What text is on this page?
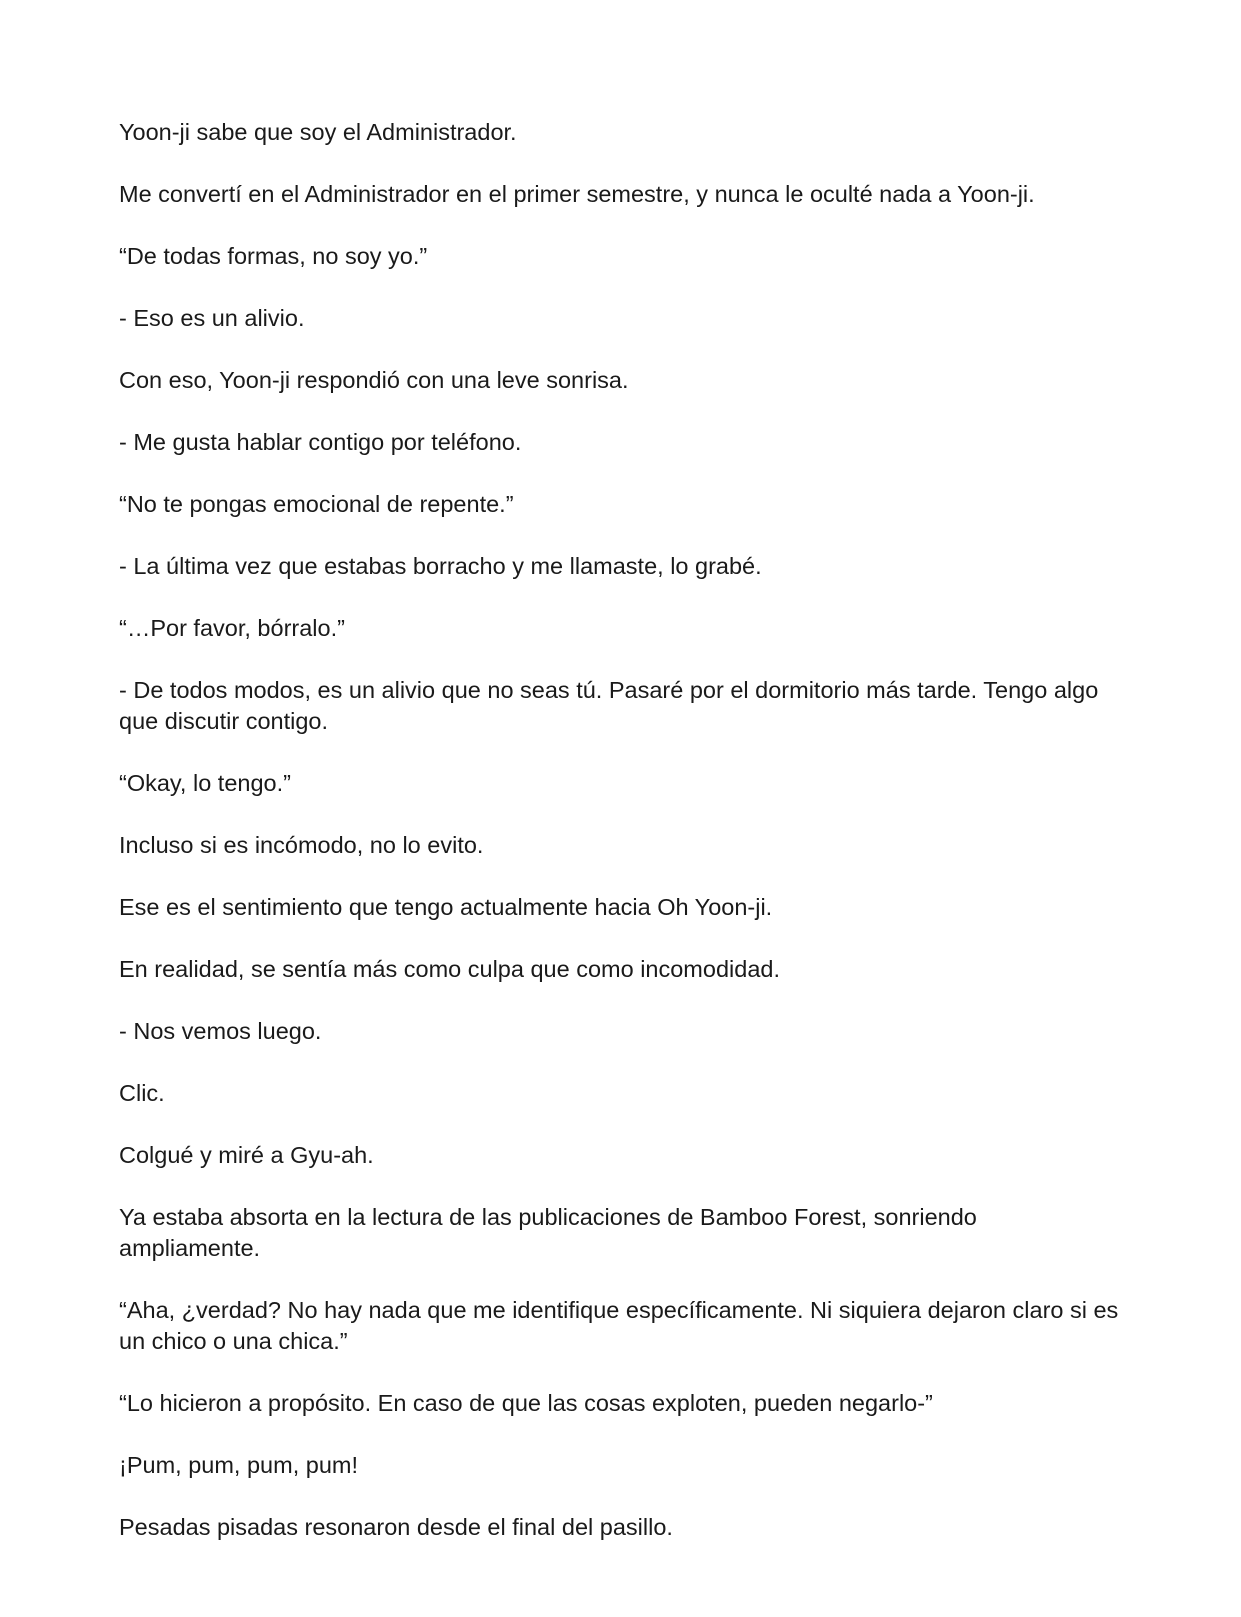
Yoon-ji sabe que soy el Administrador.

Me convertí en el Administrador en el primer semestre, y nunca le oculté nada a Yoon-ji.

“De todas formas, no soy yo.”

- Eso es un alivio.

Con eso, Yoon-ji respondió con una leve sonrisa.

- Me gusta hablar contigo por teléfono.

“No te pongas emocional de repente.”

- La última vez que estabas borracho y me llamaste, lo grabé.

“…Por favor, bórralo.”

- De todos modos, es un alivio que no seas tú. Pasaré por el dormitorio más tarde. Tengo algo que discutir contigo.

“Okay, lo tengo.”

Incluso si es incómodo, no lo evito.

Ese es el sentimiento que tengo actualmente hacia Oh Yoon-ji.

En realidad, se sentía más como culpa que como incomodidad.

- Nos vemos luego.

Clic.

Colgué y miré a Gyu-ah.

Ya estaba absorta en la lectura de las publicaciones de Bamboo Forest, sonriendo ampliamente.

“Aha, ¿verdad? No hay nada que me identifique específicamente. Ni siquiera dejaron claro si es un chico o una chica.”

“Lo hicieron a propósito. En caso de que las cosas exploten, pueden negarlo-”

¡Pum, pum, pum, pum!

Pesadas pisadas resonaron desde el final del pasillo.
